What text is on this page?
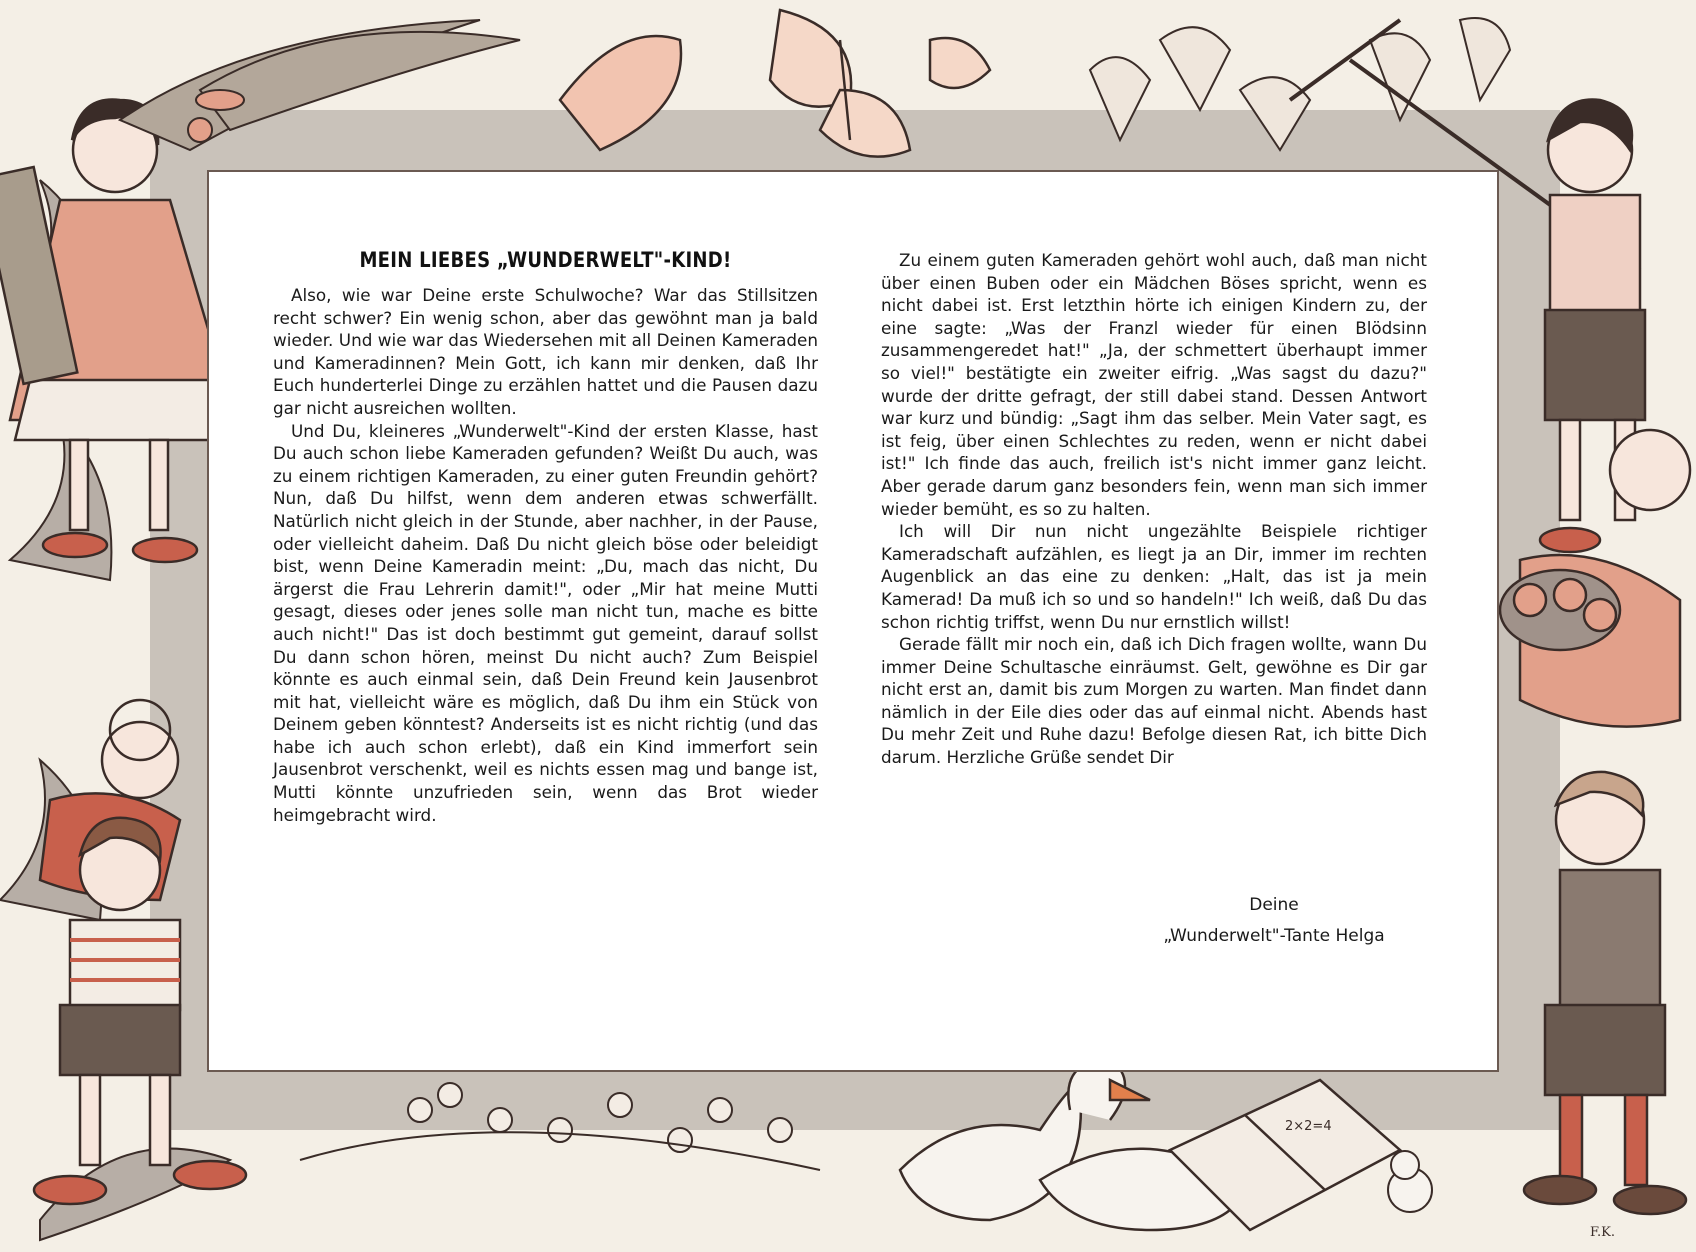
2×2=4
MEIN LIEBES „WUNDERWELT"-KIND!

Also, wie war Deine erste Schulwoche? War das Stillsitzen recht schwer? Ein wenig schon, aber das gewöhnt man ja bald wieder. Und wie war das Wiedersehen mit all Deinen Kameraden und Kameradinnen? Mein Gott, ich kann mir denken, daß Ihr Euch hunderterlei Dinge zu erzählen hattet und die Pausen dazu gar nicht ausreichen wollten.

Und Du, kleineres „Wunderwelt"-Kind der ersten Klasse, hast Du auch schon liebe Kameraden gefunden? Weißt Du auch, was zu einem richtigen Kameraden, zu einer guten Freundin gehört? Nun, daß Du hilfst, wenn dem anderen etwas schwerfällt. Natürlich nicht gleich in der Stunde, aber nachher, in der Pause, oder vielleicht daheim. Daß Du nicht gleich böse oder beleidigt bist, wenn Deine Kameradin meint: „Du, mach das nicht, Du ärgerst die Frau Lehrerin damit!", oder „Mir hat meine Mutti gesagt, dieses oder jenes solle man nicht tun, mache es bitte auch nicht!" Das ist doch bestimmt gut gemeint, darauf sollst Du dann schon hören, meinst Du nicht auch? Zum Beispiel könnte es auch einmal sein, daß Dein Freund kein Jausenbrot mit hat, vielleicht wäre es möglich, daß Du ihm ein Stück von Deinem geben könntest? Anderseits ist es nicht richtig (und das habe ich auch schon erlebt), daß ein Kind immerfort sein Jausenbrot verschenkt, weil es nichts essen mag und bange ist, Mutti könnte unzufrieden sein, wenn das Brot wieder heimgebracht wird.

Zu einem guten Kameraden gehört wohl auch, daß man nicht über einen Buben oder ein Mädchen Böses spricht, wenn es nicht dabei ist. Erst letzthin hörte ich einigen Kindern zu, der eine sagte: „Was der Franzl wieder für einen Blödsinn zusammengeredet hat!" „Ja, der schmettert überhaupt immer so viel!" bestätigte ein zweiter eifrig. „Was sagst du dazu?" wurde der dritte gefragt, der still dabei stand. Dessen Antwort war kurz und bündig: „Sagt ihm das selber. Mein Vater sagt, es ist feig, über einen Schlechtes zu reden, wenn er nicht dabei ist!" Ich finde das auch, freilich ist's nicht immer ganz leicht. Aber gerade darum ganz besonders fein, wenn man sich immer wieder bemüht, es so zu halten.

Ich will Dir nun nicht ungezählte Beispiele richtiger Kameradschaft aufzählen, es liegt ja an Dir, immer im rechten Augenblick an das eine zu denken: „Halt, das ist ja mein Kamerad! Da muß ich so und so handeln!" Ich weiß, daß Du das schon richtig triffst, wenn Du nur ernstlich willst!

Gerade fällt mir noch ein, daß ich Dich fragen wollte, wann Du immer Deine Schultasche einräumst. Gelt, gewöhne es Dir gar nicht erst an, damit bis zum Morgen zu warten. Man findet dann nämlich in der Eile dies oder das auf einmal nicht. Abends hast Du mehr Zeit und Ruhe dazu! Befolge diesen Rat, ich bitte Dich darum. Herzliche Grüße sendet Dir

Deine
„Wunderwelt"-Tante Helga
F.K.
